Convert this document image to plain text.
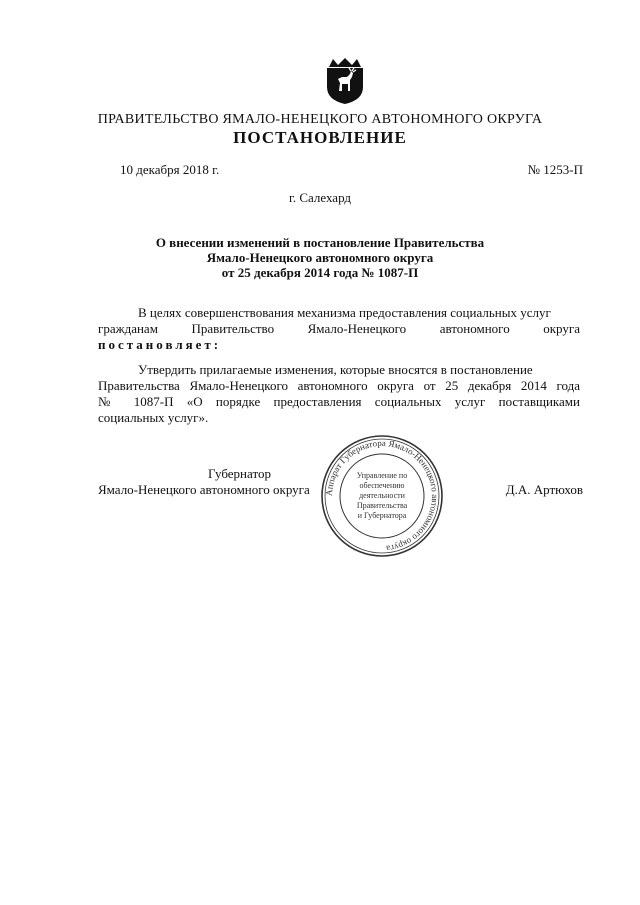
ПРАВИТЕЛЬСТВО ЯМАЛО-НЕНЕЦКОГО АВТОНОМНОГО ОКРУГА
ПОСТАНОВЛЕНИЕ
10 декабря 2018 г.	№ 1253-П
г. Салехард
О внесении изменений в постановление Правительства
Ямало-Ненецкого автономного округа
от 25 декабря 2014 года № 1087-П
В целях совершенствования механизма предоставления социальных услуг
гражданам Правительство Ямало-Ненецкого автономного округа
постановляет:
Утвердить прилагаемые изменения, которые вносятся в постановление
Правительства Ямало-Ненецкого автономного округа от 25 декабря 2014 года
№ 1087-П «О порядке предоставления социальных услуг поставщиками
социальных услуг».
Губернатор
Ямало-Ненецкого автономного округа	Д.А. Артюхов
Аппарат Губернатора Ямало-Ненецкого автономного округа
Управление по
обеспечению
деятельности
Правительства
и Губернатора
